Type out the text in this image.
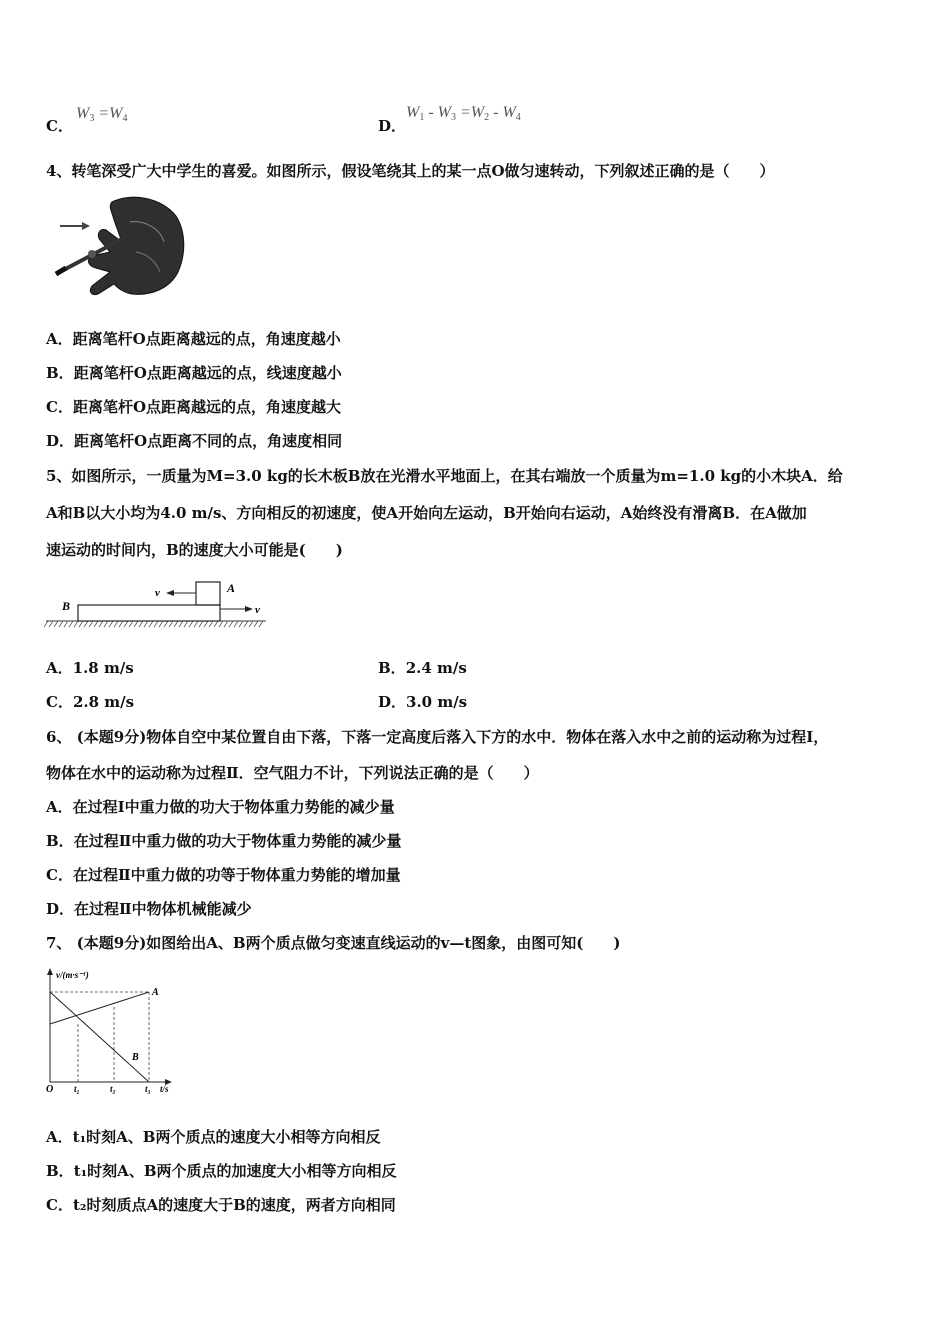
C．
$W_3 =W_4$	D．
$W_1 - W_3 =W_2 - W_4$
4、转笔深受广大中学生的喜爱。如图所示，假设笔绕其上的某一点O做匀速转动，下列叙述正确的是（　　）
A．距离笔杆O点距离越远的点，角速度越小
B．距离笔杆O点距离越远的点，线速度越小
C．距离笔杆O点距离越远的点，角速度越大
D．距离笔杆O点距离不同的点，角速度相同
5、如图所示，一质量为M=3.0 kg的长木板B放在光滑水平地面上，在其右端放一个质量为m=1.0 kg的小木块A．给
A和B以大小均为4.0 m/s、方向相反的初速度，使A开始向左运动，B开始向右运动，A始终没有滑离B．在A做加
速运动的时间内，B的速度大小可能是(　　)
v	A
B	v
A．1.8 m/s	B．2.4 m/s
C．2.8 m/s	D．3.0 m/s
6、 (本题9分)物体自空中某位置自由下落，下落一定高度后落入下方的水中．物体在落入水中之前的运动称为过程Ⅰ，
物体在水中的运动称为过程Ⅱ．空气阻力不计，下列说法正确的是（　　）
A．在过程Ⅰ中重力做的功大于物体重力势能的减少量
B．在过程Ⅱ中重力做的功大于物体重力势能的减少量
C．在过程Ⅱ中重力做的功等于物体重力势能的增加量
D．在过程Ⅱ中物体机械能减少
7、 (本题9分)如图给出A、B两个质点做匀变速直线运动的v—t图象，由图可知(　　)
v/(m·s⁻¹)
A
B
O t₁	t₂	t₃ t/s
A．t₁时刻A、B两个质点的速度大小相等方向相反
B．t₁时刻A、B两个质点的加速度大小相等方向相反
C．t₂时刻质点A的速度大于B的速度，两者方向相同
